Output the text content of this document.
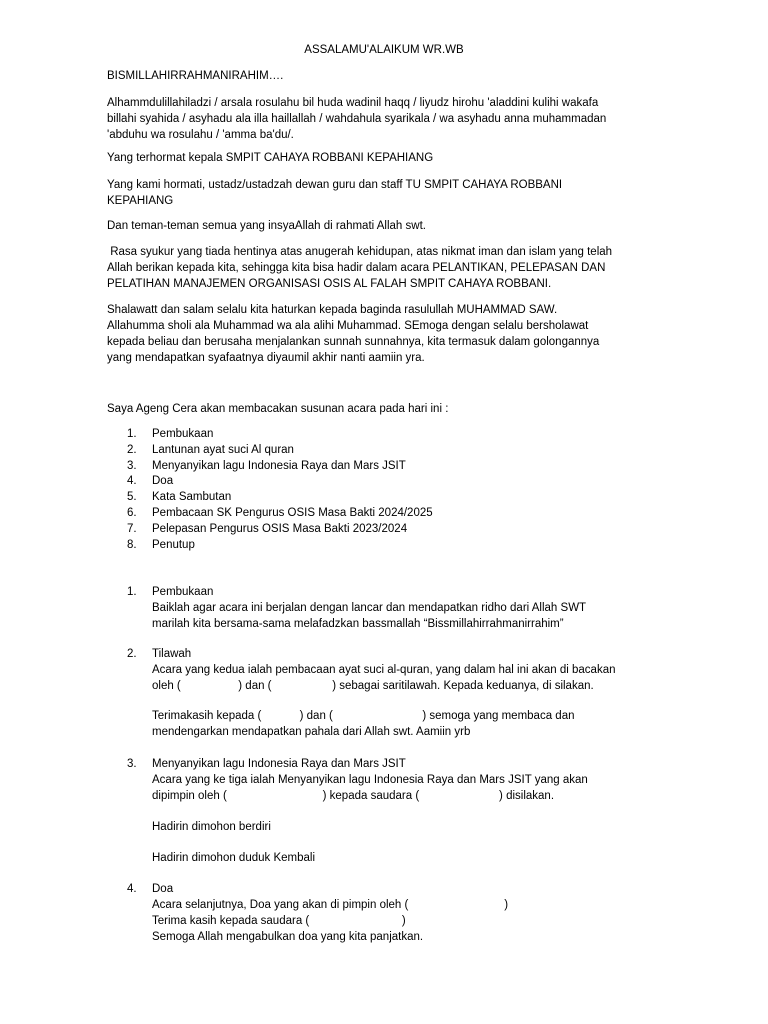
ASSALAMU'ALAIKUM WR.WB

BISMILLAHIRRAHMANIRAHIM….

Alhammdulillahiladzi / arsala rosulahu bil huda wadinil haqq / liyudz hirohu 'aladdini kulihi wakafa

billahi syahida / asyhadu ala illa haillallah / wahdahula syarikala / wa asyhadu anna muhammadan

'abduhu wa rosulahu / 'amma ba'du/.

Yang terhormat kepala SMPIT CAHAYA ROBBANI KEPAHIANG

Yang kami hormati, ustadz/ustadzah dewan guru dan staff TU SMPIT CAHAYA ROBBANI

KEPAHIANG

Dan teman-teman semua yang insyaAllah di rahmati Allah swt.

Rasa syukur yang tiada hentinya atas anugerah kehidupan, atas nikmat iman dan islam yang telah

Allah berikan kepada kita, sehingga kita bisa hadir dalam acara PELANTIKAN, PELEPASAN DAN

PELATIHAN MANAJEMEN ORGANISASI OSIS AL FALAH SMPIT CAHAYA ROBBANI.

Shalawatt dan salam selalu kita haturkan kepada baginda rasulullah MUHAMMAD SAW.

Allahumma sholi ala Muhammad wa ala alihi Muhammad. SEmoga dengan selalu bersholawat

kepada beliau dan berusaha menjalankan sunnah sunnahnya, kita termasuk dalam golongannya

yang mendapatkan syafaatnya diyaumil akhir nanti aamiin yra.

Saya Ageng Cera akan membacakan susunan acara pada hari ini :

1. Pembukaan
2. Lantunan ayat suci Al quran
3. Menyanyikan lagu Indonesia Raya dan Mars JSIT
4. Doa
5. Kata Sambutan
6. Pembacaan SK Pengurus OSIS Masa Bakti 2024/2025
7. Pelepasan Pengurus OSIS Masa Bakti 2023/2024
8. Penutup
1. Pembukaan

Baiklah agar acara ini berjalan dengan lancar dan mendapatkan ridho dari Allah SWT

marilah kita bersama-sama melafadzkan bassmallah “Bissmillahirrahmanirrahim”

2. Tilawah

Acara yang kedua ialah pembacaan ayat suci al-quran, yang dalam hal ini akan di bacakan

oleh (                  ) dan (                   ) sebagai saritilawah. Kepada keduanya, di silakan.

Terimakasih kepada (            ) dan (                            ) semoga yang membaca dan

mendengarkan mendapatkan pahala dari Allah swt. Aamiin yrb

3. Menyanyikan lagu Indonesia Raya dan Mars JSIT

Acara yang ke tiga ialah Menyanyikan lagu Indonesia Raya dan Mars JSIT yang akan

dipimpin oleh (                              ) kepada saudara (                         ) disilakan.

Hadirin dimohon berdiri

Hadirin dimohon duduk Kembali

4. Doa

Acara selanjutnya, Doa yang akan di pimpin oleh (                              )

Terima kasih kepada saudara (                             )

Semoga Allah mengabulkan doa yang kita panjatkan.
